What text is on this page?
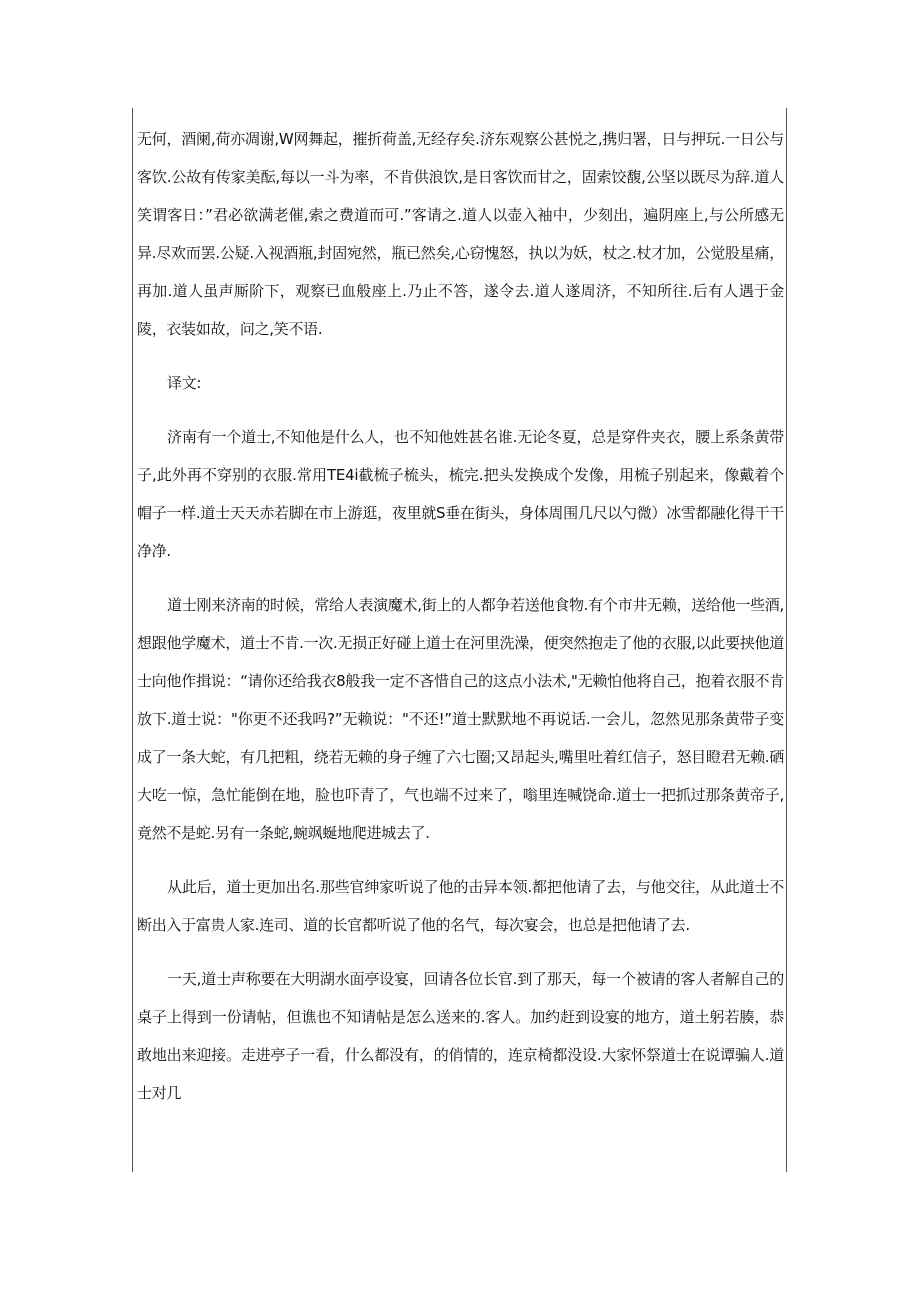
无何，酒阑,荷亦凋谢,W网舞起，摧折荷盖,无经存矣.济东观察公甚悦之,携归署，日与押玩.一日公与客饮.公故有传家美酝,每以一斗为率，不肯供浪饮,是日客饮而甘之，固索饺馥,公坚以既尽为辞.道人笑谓客日：”君必欲满老催,索之费道而可.”客请之.道人以壶入袖中，少刻出，遍阴座上,与公所感无异.尽欢而罢.公疑.入视酒瓶,封固宛然，瓶已然矣,心窃愧怒，执以为妖，杖之.杖才加，公觉股星痛，再加.道人虽声厮阶下，观察已血般座上.乃止不答，遂令去.道人遂周济，不知所往.后有人遇于金陵，衣装如故，问之,笑不语.

译文:

济南有一个道士,不知他是什么人，也不知他姓甚名谁.无论冬夏，总是穿件夹衣，腰上系条黄带子,此外再不穿别的衣服.常用TE4i截梳子梳头，梳完.把头发换成个发像，用梳子别起来，像戴着个帽子一样.道士天天赤若脚在市上游逛，夜里就S垂在街头，身体周围几尺以勺微）冰雪都融化得干干净净.

道士刚来济南的时候，常给人表演魔术,街上的人都争若送他食物.有个市井无赖，送给他一些酒,想跟他学魔术，道士不肯.一次.无损正好碰上道士在河里洗澡，便突然抱走了他的衣服,以此要挟他道士向他作揖说：“请你还给我衣8般我一定不吝惜自己的这点小法术,"无赖怕他将自己，抱着衣服不肯放下.道士说："你更不还我吗?”无赖说："不还!”道士默默地不再说话.一会儿，忽然见那条黄带子变成了一条大蛇，有几把粗，绕若无赖的身子缠了六七圈;又昂起头,嘴里吐着红信子，怒目瞪君无赖.硒大吃一惊，急忙能倒在地，脸也吓青了，气也端不过来了，嗡里连喊饶命.道士一把抓过那条黄帝子,竟然不是蛇.另有一条蛇,蜿飒蜒地爬进城去了.

从此后，道士更加出名.那些官绅家听说了他的击异本领.都把他请了去，与他交往，从此道士不断出入于富贵人家.连司、道的长官都听说了他的名气，每次宴会，也总是把他请了去.

一天,道士声称要在大明湖水面亭设宴，回请各位长官.到了那天，每一个被请的客人者解自己的桌子上得到一份请帖，但谯也不知请帖是怎么送来的.客人。加约赶到设宴的地方，道土躬若腠，恭敢地出来迎接。走进亭子一看，什么都没有，的俏情的，连京椅都没设.大家怀祭道士在说谭骗人.道士对几
